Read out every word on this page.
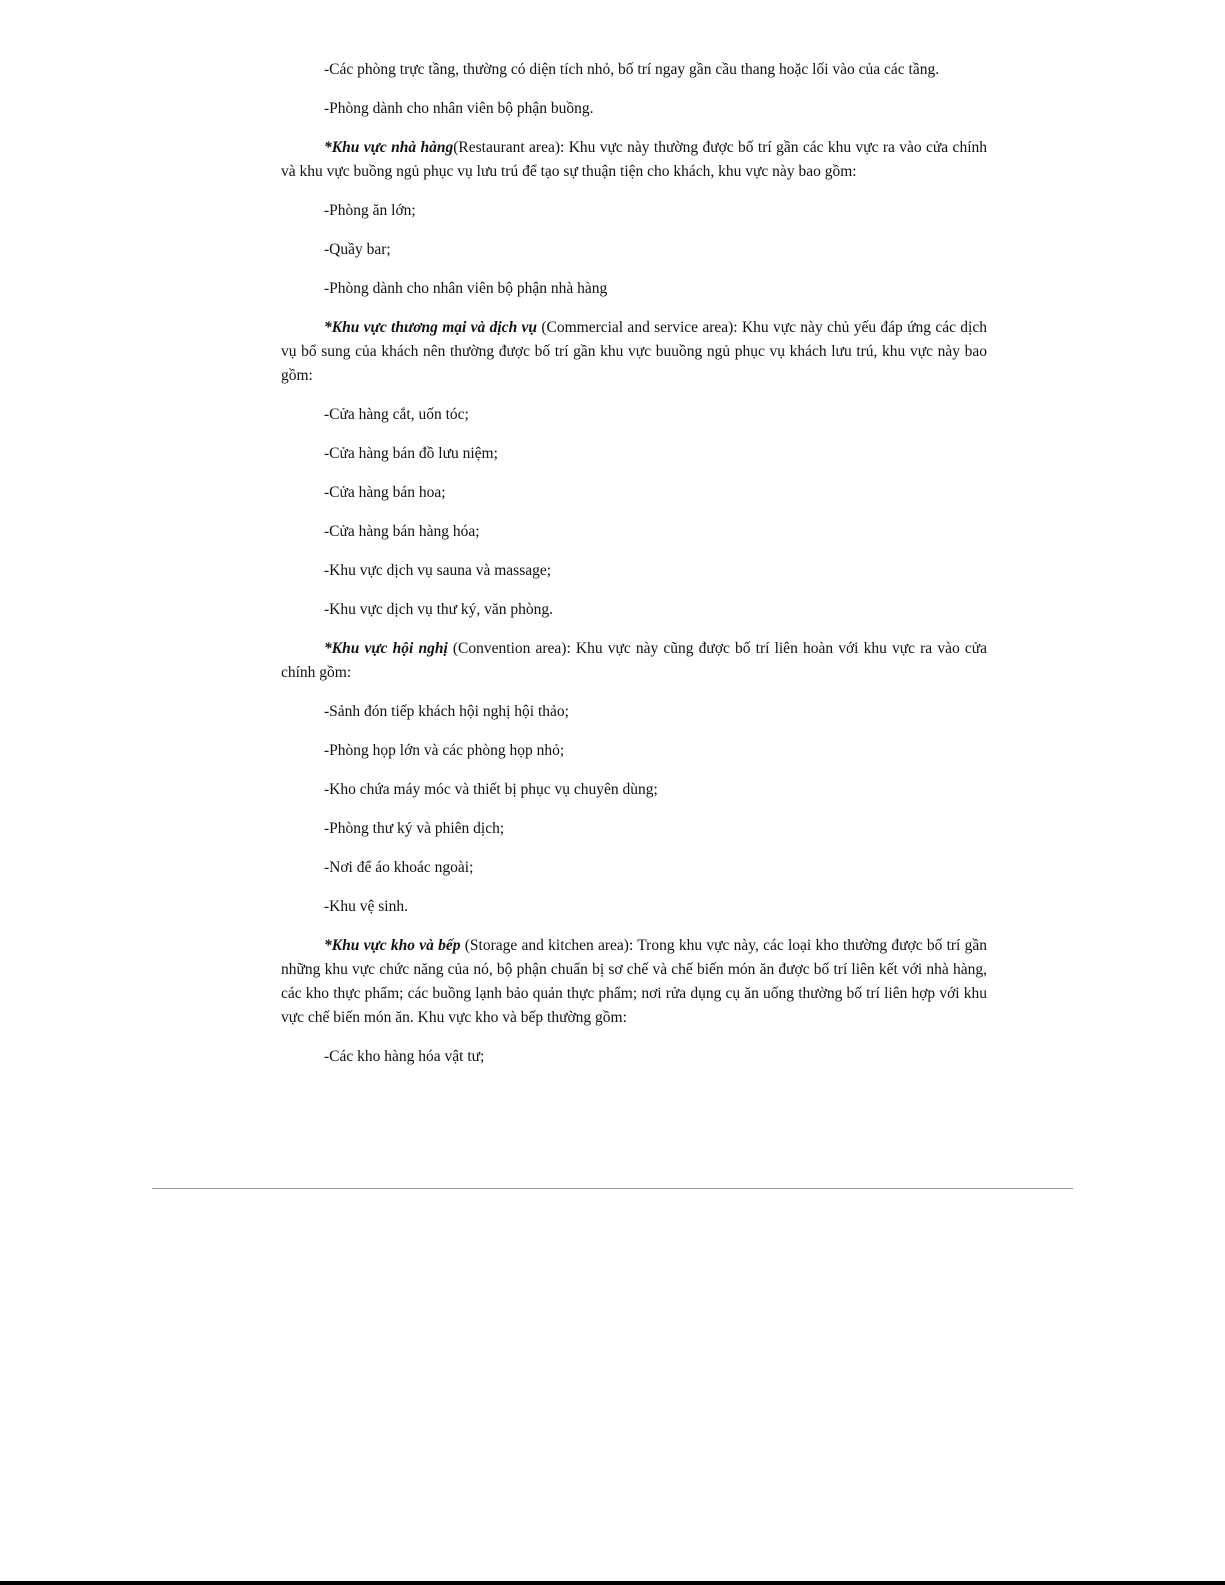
-Các phòng trực tầng, thường có diện tích nhỏ, bố trí ngay gần cầu thang hoặc lối vào của các tầng.

-Phòng dành cho nhân viên bộ phận buồng.

*Khu vực nhà hàng(Restaurant area): Khu vực này thường được bố trí gần các khu vực ra vào cửa chính và khu vực buồng ngủ phục vụ lưu trú để tạo sự thuận tiện cho khách, khu vực này bao gồm:

-Phòng ăn lớn;

-Quầy bar;

-Phòng dành cho nhân viên bộ phận nhà hàng

*Khu vực thương mại và dịch vụ (Commercial and service area): Khu vực này chủ yếu đáp ứng các dịch vụ bổ sung của khách nên thường được bố trí gần khu vực buuồng ngủ phục vụ khách lưu trú, khu vực này bao gồm:

-Cửa hàng cắt, uốn tóc;

-Cửa hàng bán đồ lưu niệm;

-Cửa hàng bán hoa;

-Cửa hàng bán hàng hóa;

-Khu vực dịch vụ sauna và massage;

-Khu vực dịch vụ thư ký, văn phòng.

*Khu vực hội nghị (Convention area): Khu vực này cũng được bố trí liên hoàn với khu vực ra vào cửa chính gồm:

-Sảnh đón tiếp khách hội nghị hội thảo;

-Phòng họp lớn và các phòng họp nhỏ;

-Kho chứa máy móc và thiết bị phục vụ chuyên dùng;

-Phòng thư ký và phiên dịch;

-Nơi để áo khoác ngoài;

-Khu vệ sinh.

*Khu vực kho và bếp (Storage and kitchen area): Trong khu vực này, các loại kho thường được bố trí gần những khu vực chức năng của nó, bộ phận chuẩn bị sơ chế và chế biến món ăn được bố trí liên kết với nhà hàng, các kho thực phẩm; các buồng lạnh bảo quản thực phẩm; nơi rửa dụng cụ ăn uống thường bố trí liên hợp với khu vực chế biến món ăn. Khu vực kho và bếp thường gồm:

-Các kho hàng hóa vật tư;
